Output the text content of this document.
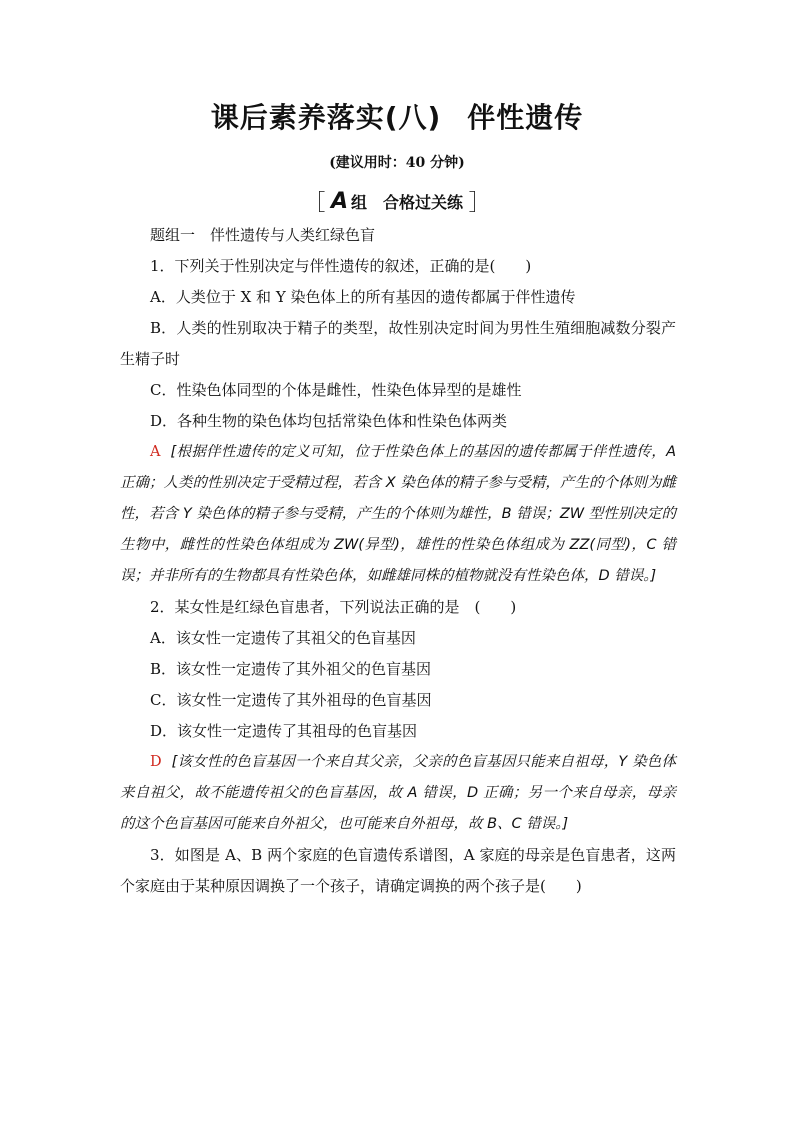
课后素养落实(八) 伴性遗传
(建议用时：40 分钟)
［ A 组　合格过关练 ］
题组一　伴性遗传与人类红绿色盲
1．下列关于性别决定与伴性遗传的叙述，正确的是(　　)
A．人类位于 X 和 Y 染色体上的所有基因的遗传都属于伴性遗传

B．人类的性别取决于精子的类型，故性别决定时间为男性生殖细胞减数分裂产生精子时

C．性染色体同型的个体是雌性，性染色体异型的是雄性
D．各种生物的染色体均包括常染色体和性染色体两类

A [根据伴性遗传的定义可知，位于性染色体上的基因的遗传都属于伴性遗传，A 正确；人类的性别决定于受精过程，若含 X 染色体的精子参与受精，产生的个体则为雌性，若含 Y 染色体的精子参与受精，产生的个体则为雄性，B 错误；ZW 型性别决定的生物中，雌性的性染色体组成为 ZW(异型)，雄性的性染色体组成为 ZZ(同型)，C 错误；并非所有的生物都具有性染色体，如雌雄同株的植物就没有性染色体，D 错误。]

2．某女性是红绿色盲患者，下列说法正确的是　(　　)
A．该女性一定遗传了其祖父的色盲基因
B．该女性一定遗传了其外祖父的色盲基因
C．该女性一定遗传了其外祖母的色盲基因
D．该女性一定遗传了其祖母的色盲基因

D [该女性的色盲基因一个来自其父亲，父亲的色盲基因只能来自祖母，Y 染色体来自祖父，故不能遗传祖父的色盲基因，故 A 错误，D 正确；另一个来自母亲，母亲的这个色盲基因可能来自外祖父，也可能来自外祖母，故 B、C 错误。]

3．如图是 A、B 两个家庭的色盲遗传系谱图，A 家庭的母亲是色盲患者，这两个家庭由于某种原因调换了一个孩子，请确定调换的两个孩子是(　　)
